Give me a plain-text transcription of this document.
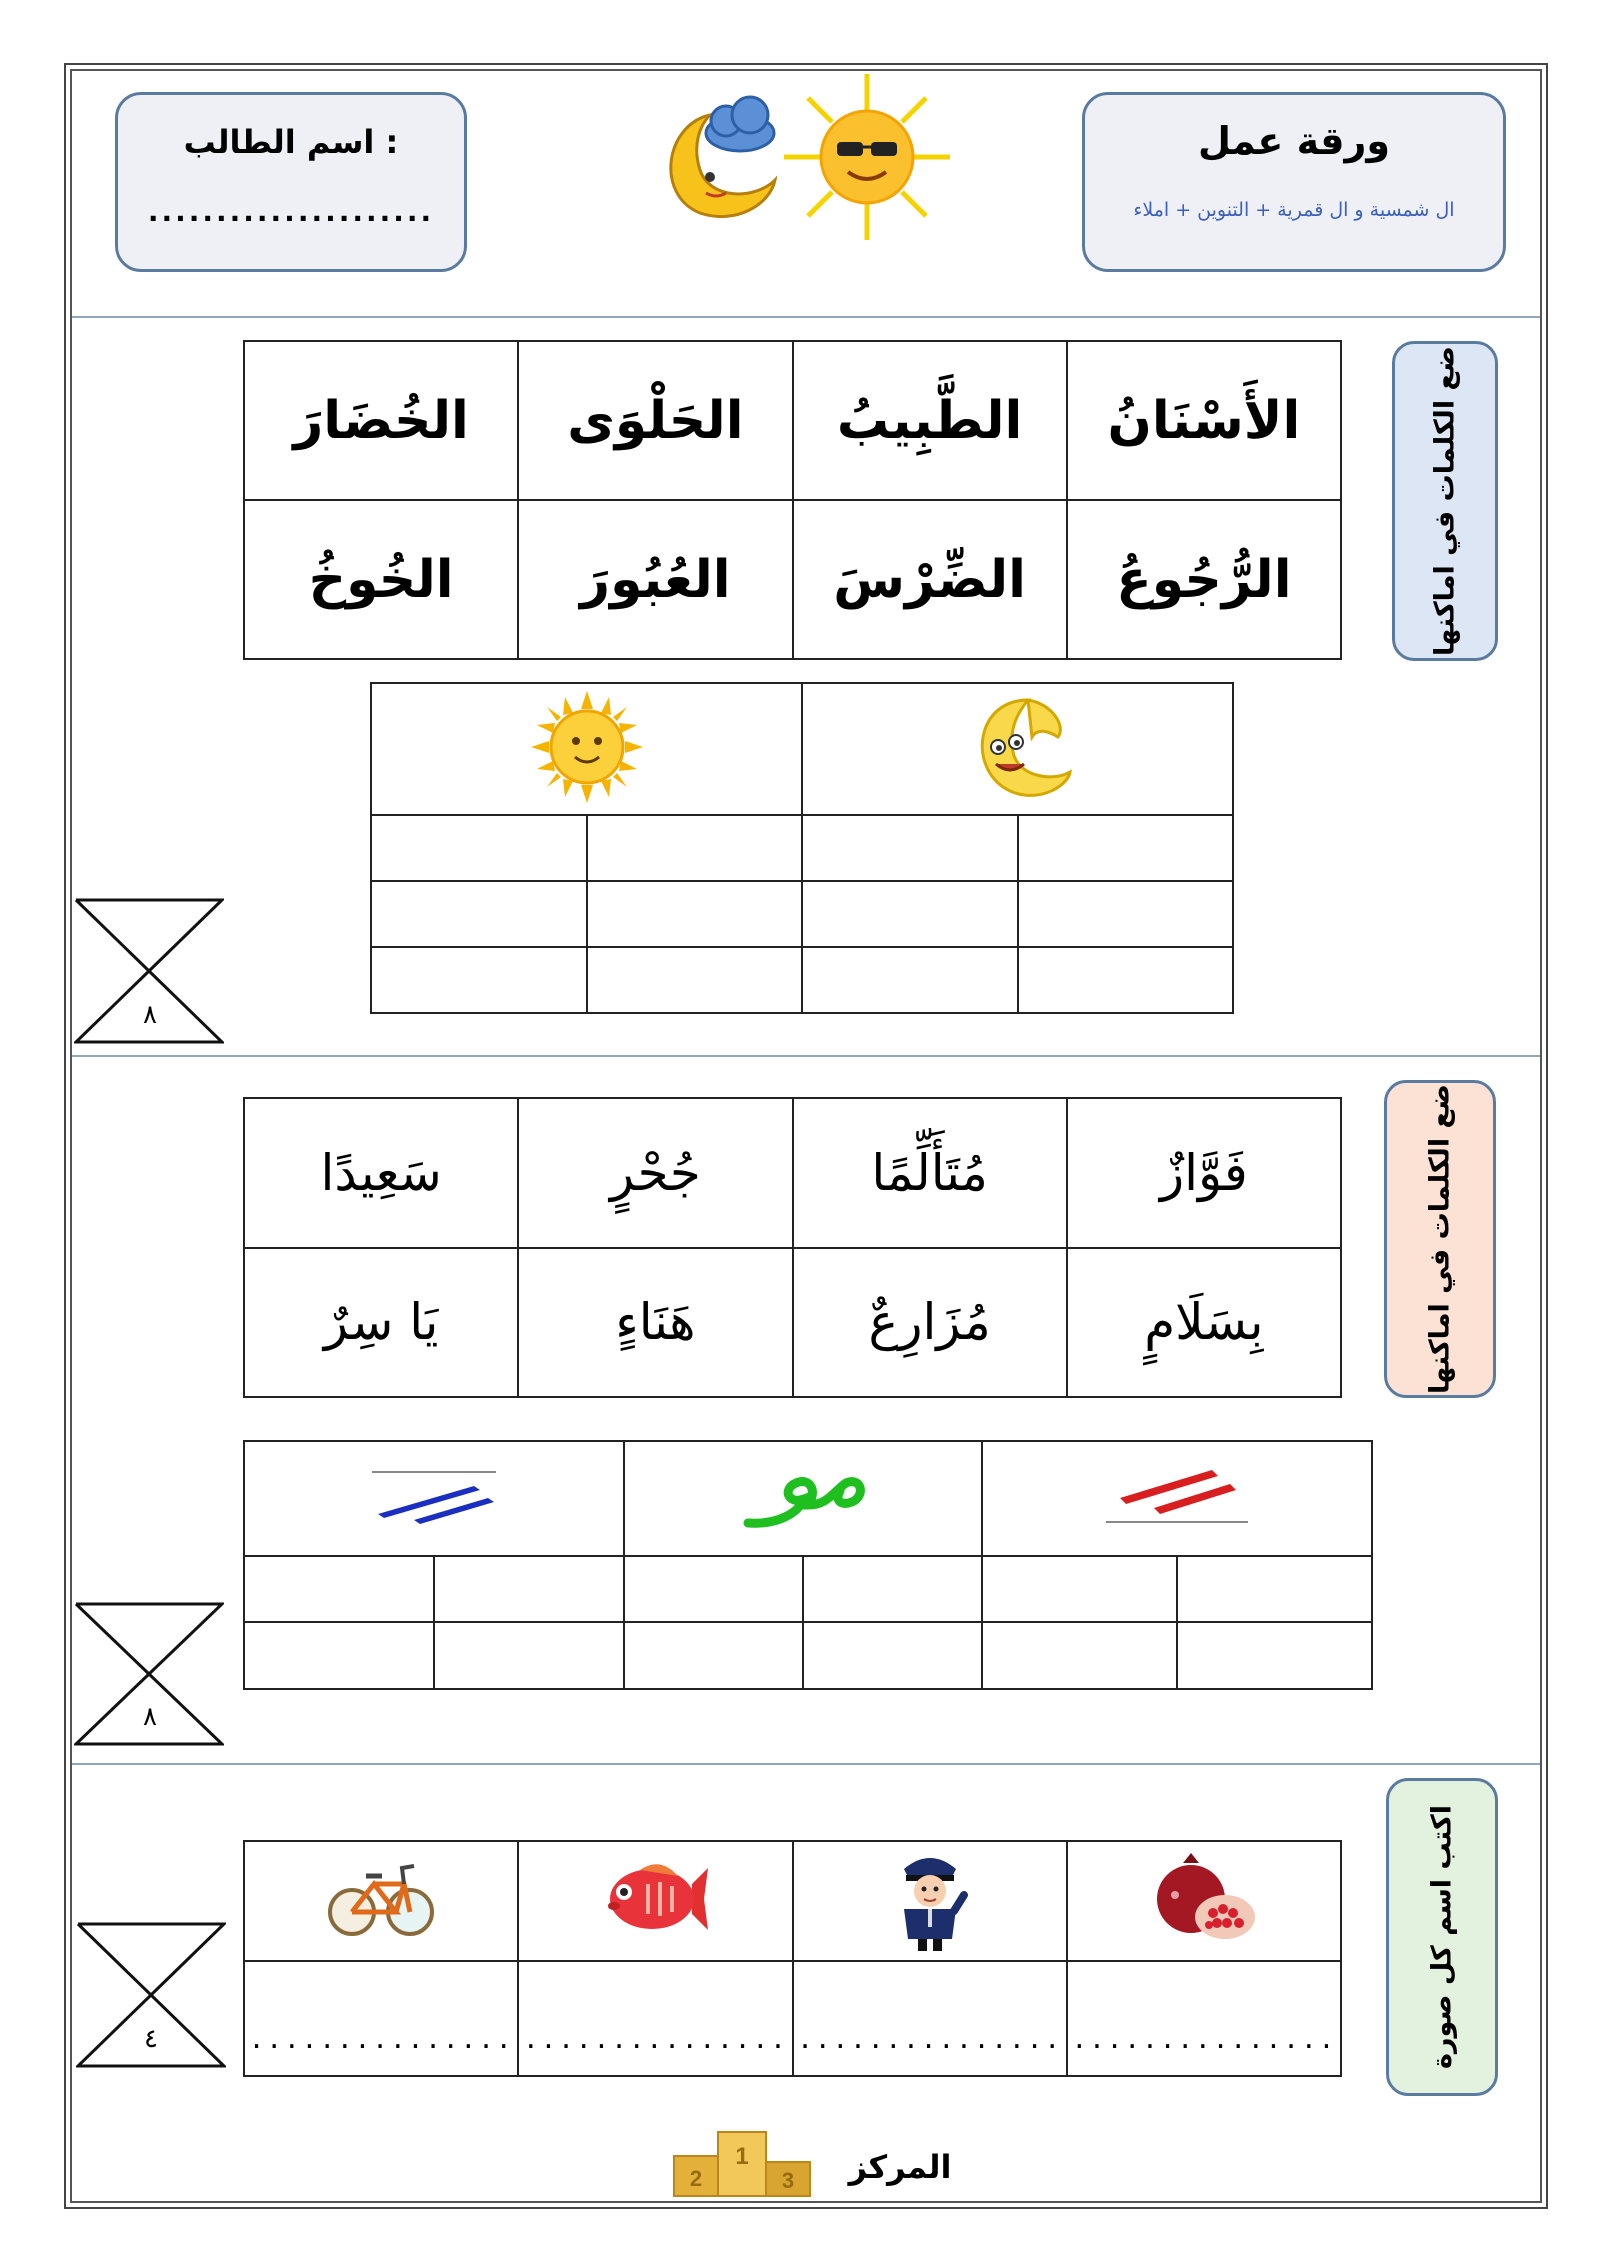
ورقة عمل
ال شمسية و ال قمرية + التنوين + املاء
اسم الطالب :
.....................
ضع الكلمات في اماكنها
الخُضَارَ	الحَلْوَى	الطَّبِيبُ	الأَسْنَانُ
الخُوخُ	العُبُورَ	الضِّرْسَ	الرُّجُوعُ

٨
ضع الكلمات في اماكنها
سَعِيدًا	جُحْرٍ	مُتَأَلِّمًا	فَوَّازٌ
يَا سِرٌ	هَنَاءٍ	مُزَارِعٌ	بِسَلَامٍ

٨
اكتب اسم كل صورة

...............	...............	...............	...............
٤
2
1
3 المركز
